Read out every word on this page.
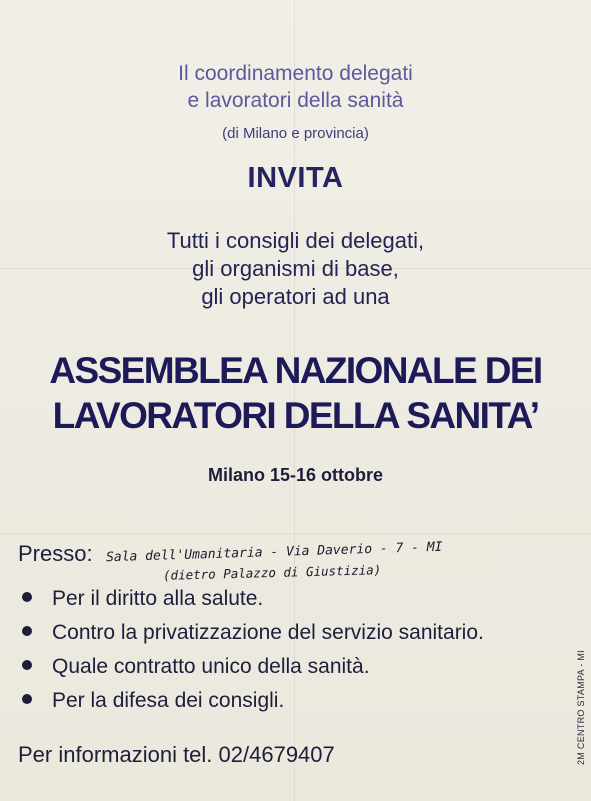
Il coordinamento delegati
e lavoratori della sanità
(di Milano e provincia)
INVITA
Tutti i consigli dei delegati,
gli organismi di base,
gli operatori ad una
ASSEMBLEA NAZIONALE DEI
LAVORATORI DELLA SANITA’
Milano 15-16 ottobre
Presso: Sala dell'Umanitaria - Via Daverio - 7 - MI
(dietro Palazzo di Giustizia)
Per il diritto alla salute.
Contro la privatizzazione del servizio sanitario.
Quale contratto unico della sanità.
Per la difesa dei consigli.
Per informazioni tel. 02/4679407	2M CENTRO STAMPA - MI
